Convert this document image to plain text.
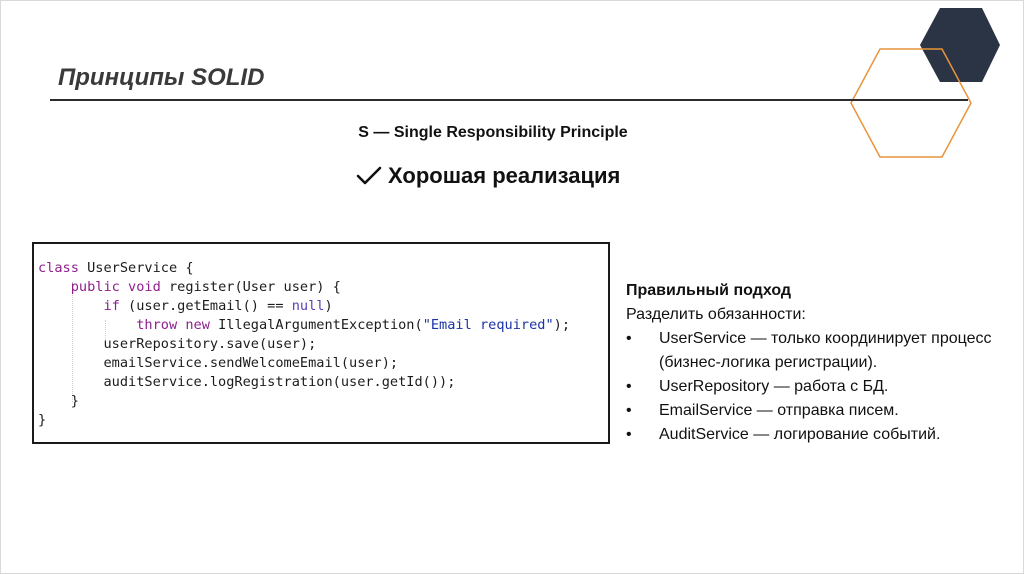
Принципы SOLID
S — Single Responsibility Principle
Хорошая реализация
class UserService {
public void register(User user) {
if (user.getEmail() == null)
throw new IllegalArgumentException("Email required");
userRepository.save(user);
emailService.sendWelcomeEmail(user);
auditService.logRegistration(user.getId());
}
}
Правильный подход
Разделить обязанности:
• UserService — только координирует процесс (бизнес-логика регистрации).
• UserRepository — работа с БД.
• EmailService — отправка писем.
• AuditService — логирование событий.
